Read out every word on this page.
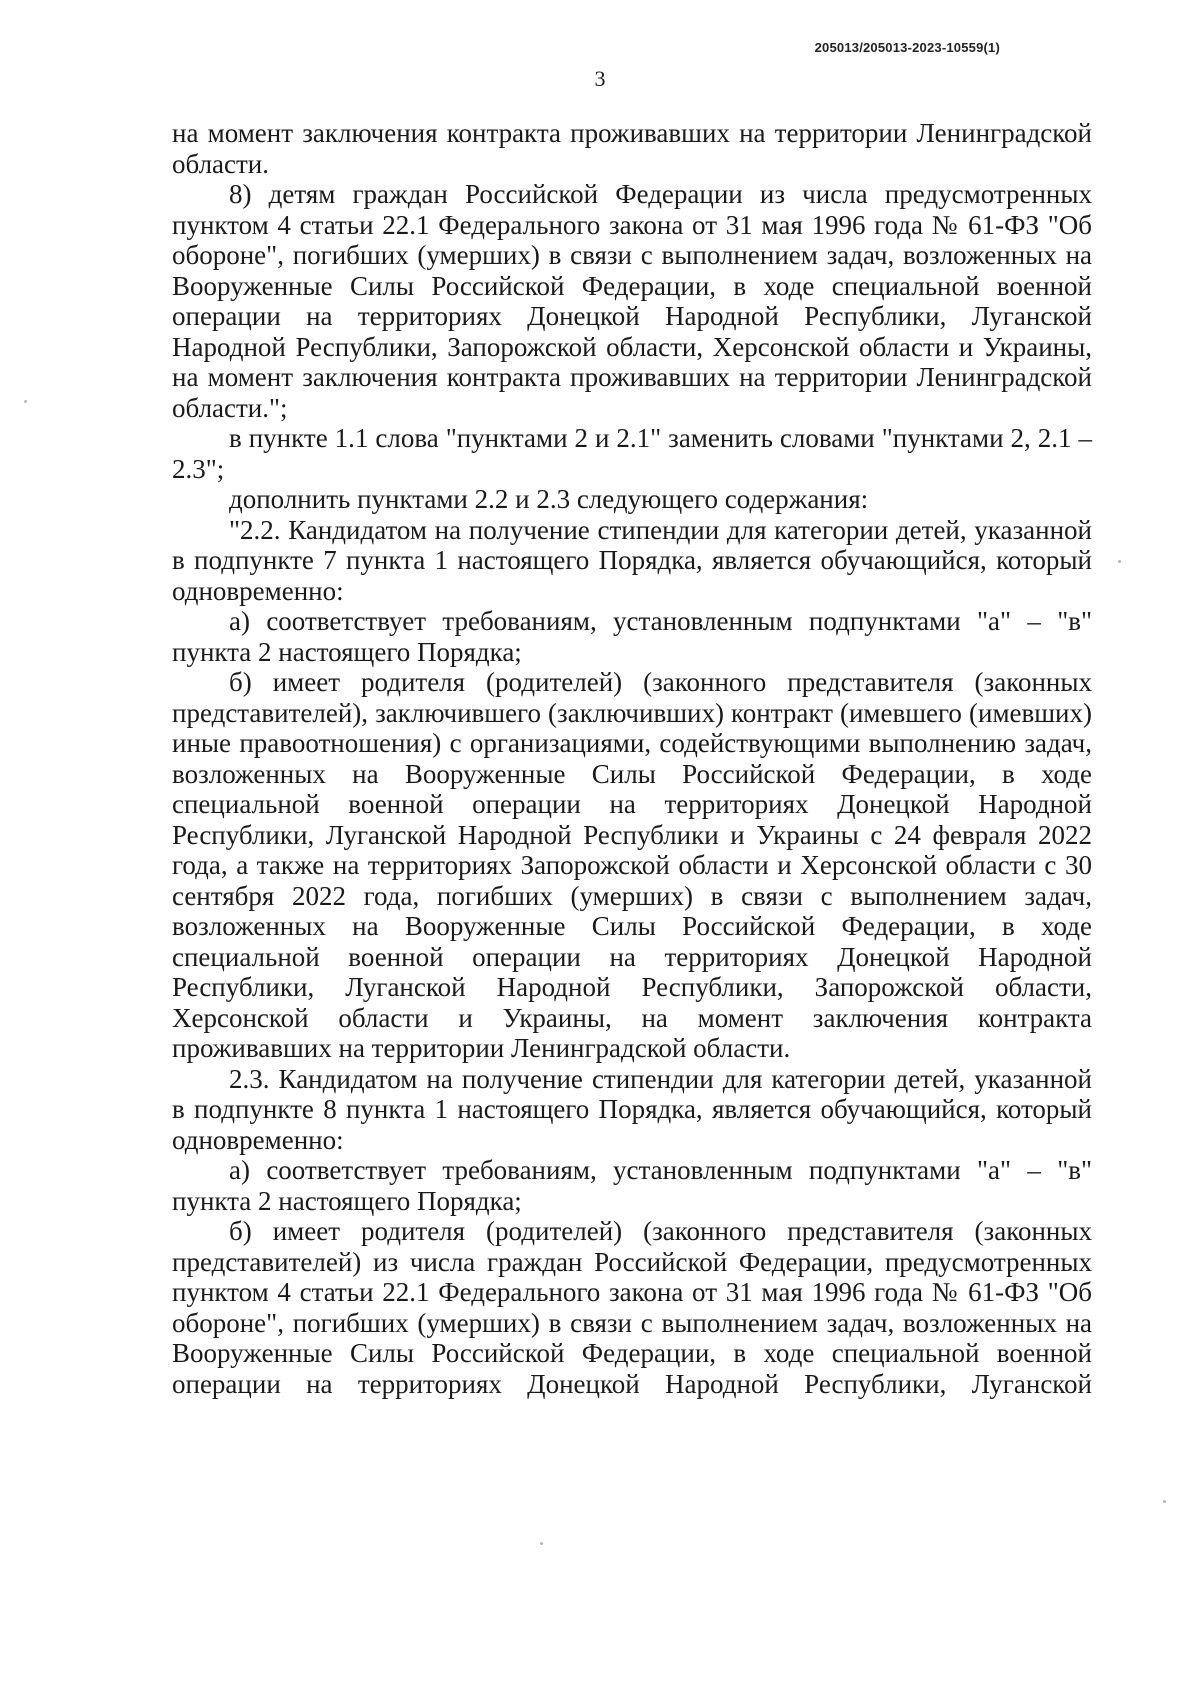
205013/205013-2023-10559(1)
3

на момент заключения контракта проживавших на территории Ленинградской области.

8) детям граждан Российской Федерации из числа предусмотренных пунктом 4 статьи 22.1 Федерального закона от 31 мая 1996 года № 61-ФЗ "Об обороне", погибших (умерших) в связи с выполнением задач, возложенных на Вооруженные Силы Российской Федерации, в ходе специальной военной операции на территориях Донецкой Народной Республики, Луганской Народной Республики, Запорожской области, Херсонской области и Украины, на момент заключения контракта проживавших на территории Ленинградской области.";

в пункте 1.1 слова "пунктами 2 и 2.1" заменить словами "пунктами 2, 2.1 – 2.3";

дополнить пунктами 2.2 и 2.3 следующего содержания:

"2.2. Кандидатом на получение стипендии для категории детей, указанной в подпункте 7 пункта 1 настоящего Порядка, является обучающийся, который одновременно:

а) соответствует требованиям, установленным подпунктами "а" – "в" пункта 2 настоящего Порядка;

б) имеет родителя (родителей) (законного представителя (законных представителей), заключившего (заключивших) контракт (имевшего (имевших) иные правоотношения) с организациями, содействующими выполнению задач, возложенных на Вооруженные Силы Российской Федерации, в ходе специальной военной операции на территориях Донецкой Народной Республики, Луганской Народной Республики и Украины с 24 февраля 2022 года, а также на территориях Запорожской области и Херсонской области с 30 сентября 2022 года, погибших (умерших) в связи с выполнением задач, возложенных на Вооруженные Силы Российской Федерации, в ходе специальной военной операции на территориях Донецкой Народной Республики, Луганской Народной Республики, Запорожской области, Херсонской области и Украины, на момент заключения контракта проживавших на территории Ленинградской области.

2.3. Кандидатом на получение стипендии для категории детей, указанной в подпункте 8 пункта 1 настоящего Порядка, является обучающийся, который одновременно:

а) соответствует требованиям, установленным подпунктами "а" – "в" пункта 2 настоящего Порядка;

б) имеет родителя (родителей) (законного представителя (законных представителей) из числа граждан Российской Федерации, предусмотренных пунктом 4 статьи 22.1 Федерального закона от 31 мая 1996 года № 61-ФЗ "Об обороне", погибших (умерших) в связи с выполнением задач, возложенных на Вооруженные Силы Российской Федерации, в ходе специальной военной операции на территориях Донецкой Народной Республики, Луганской
